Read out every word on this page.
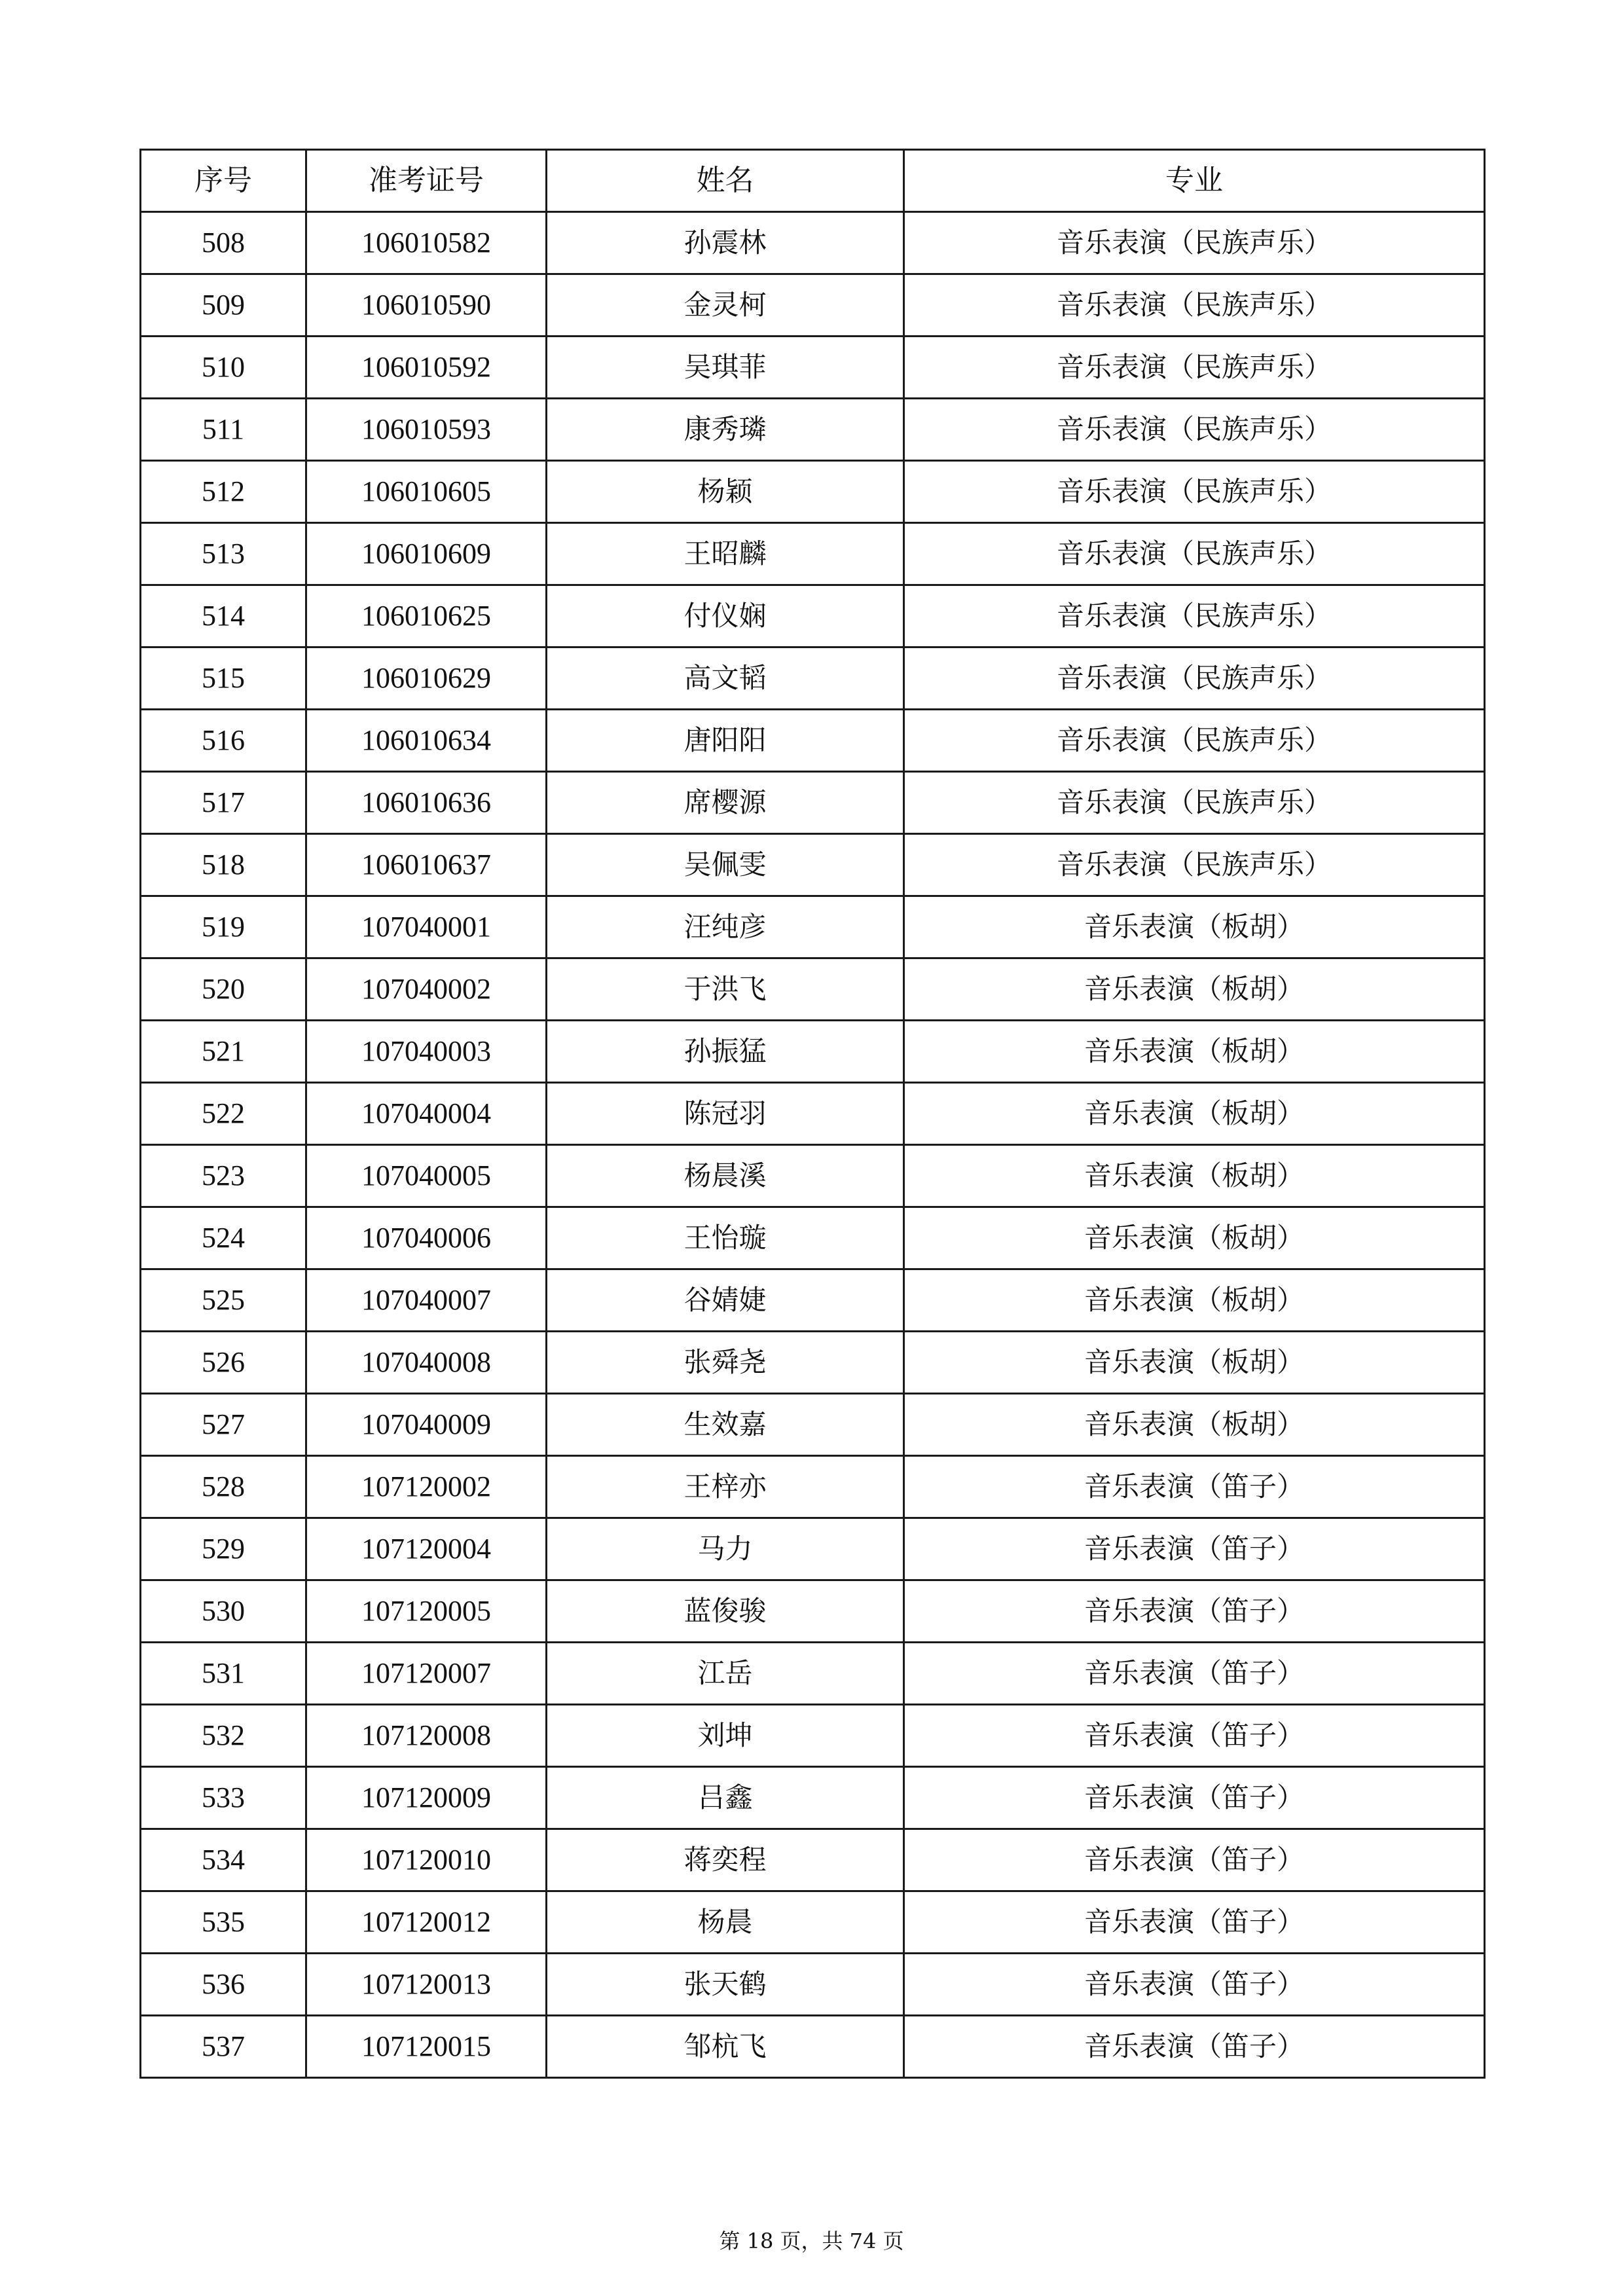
序号	准考证号	姓名	专业
508	106010582	孙震林	音乐表演（民族声乐）
509	106010590	金灵柯	音乐表演（民族声乐）
510	106010592	吴琪菲	音乐表演（民族声乐）
511	106010593	康秀璘	音乐表演（民族声乐）
512	106010605	杨颖	音乐表演（民族声乐）
513	106010609	王昭麟	音乐表演（民族声乐）
514	106010625	付仪娴	音乐表演（民族声乐）
515	106010629	高文韬	音乐表演（民族声乐）
516	106010634	唐阳阳	音乐表演（民族声乐）
517	106010636	席樱源	音乐表演（民族声乐）
518	106010637	吴佩雯	音乐表演（民族声乐）
519	107040001	汪纯彦	音乐表演（板胡）
520	107040002	于洪飞	音乐表演（板胡）
521	107040003	孙振猛	音乐表演（板胡）
522	107040004	陈冠羽	音乐表演（板胡）
523	107040005	杨晨溪	音乐表演（板胡）
524	107040006	王怡璇	音乐表演（板胡）
525	107040007	谷婧婕	音乐表演（板胡）
526	107040008	张舜尧	音乐表演（板胡）
527	107040009	生效嘉	音乐表演（板胡）
528	107120002	王梓亦	音乐表演（笛子）
529	107120004	马力	音乐表演（笛子）
530	107120005	蓝俊骏	音乐表演（笛子）
531	107120007	江岳	音乐表演（笛子）
532	107120008	刘坤	音乐表演（笛子）
533	107120009	吕鑫	音乐表演（笛子）
534	107120010	蒋奕程	音乐表演（笛子）
535	107120012	杨晨	音乐表演（笛子）
536	107120013	张天鹤	音乐表演（笛子）
537	107120015	邹杭飞	音乐表演（笛子）
第 18 页，共 74 页
